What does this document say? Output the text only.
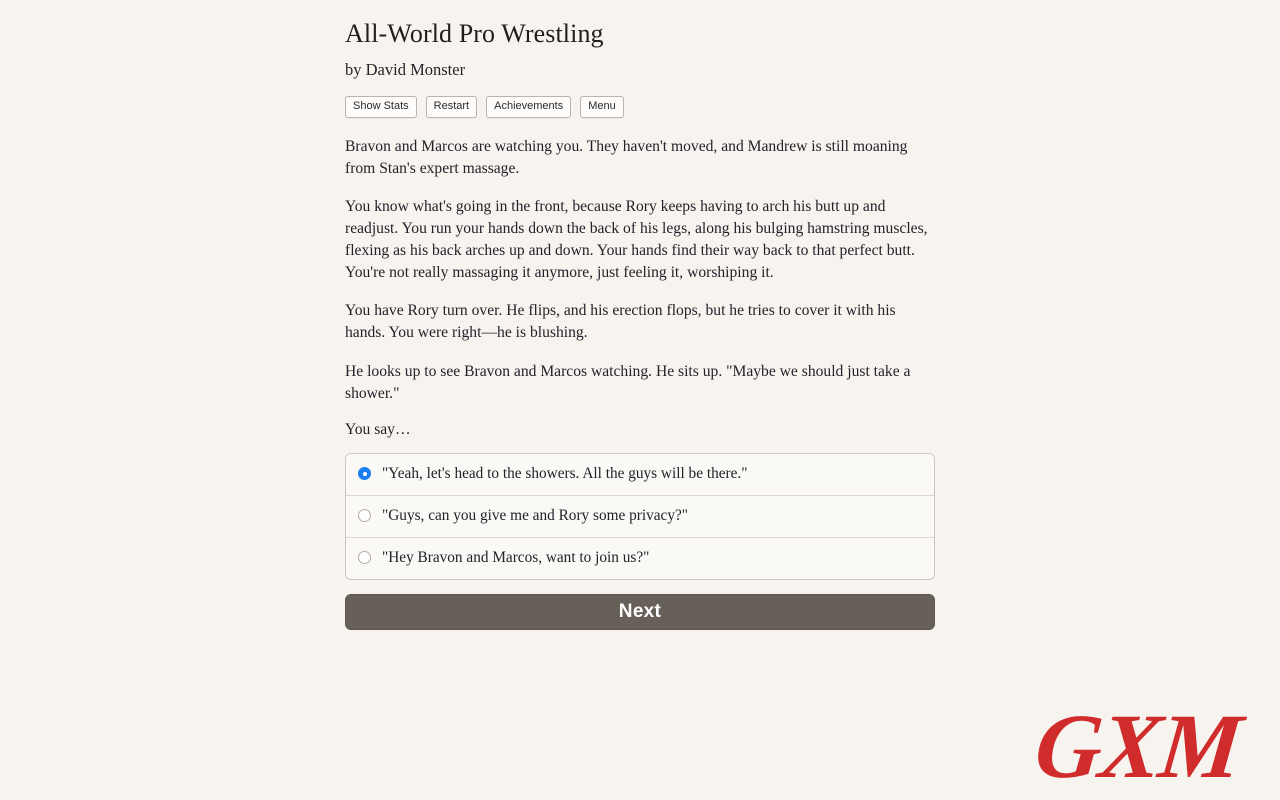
All-World Pro Wrestling

by David Monster

Show Stats	Restart	Achievements	Menu

Bravon and Marcos are watching you. They haven't moved, and Mandrew is still moaning from Stan's expert massage.

You know what's going in the front, because Rory keeps having to arch his butt up and readjust. You run your hands down the back of his legs, along his bulging hamstring muscles, flexing as his back arches up and down. Your hands find their way back to that perfect butt. You're not really massaging it anymore, just feeling it, worshiping it.

You have Rory turn over. He flips, and his erection flops, but he tries to cover it with his hands. You were right—he is blushing.

He looks up to see Bravon and Marcos watching. He sits up. "Maybe we should just take a shower."

You say…

"Yeah, let's head to the showers. All the guys will be there."
"Guys, can you give me and Rory some privacy?"
"Hey Bravon and Marcos, want to join us?"
Next
GXM
